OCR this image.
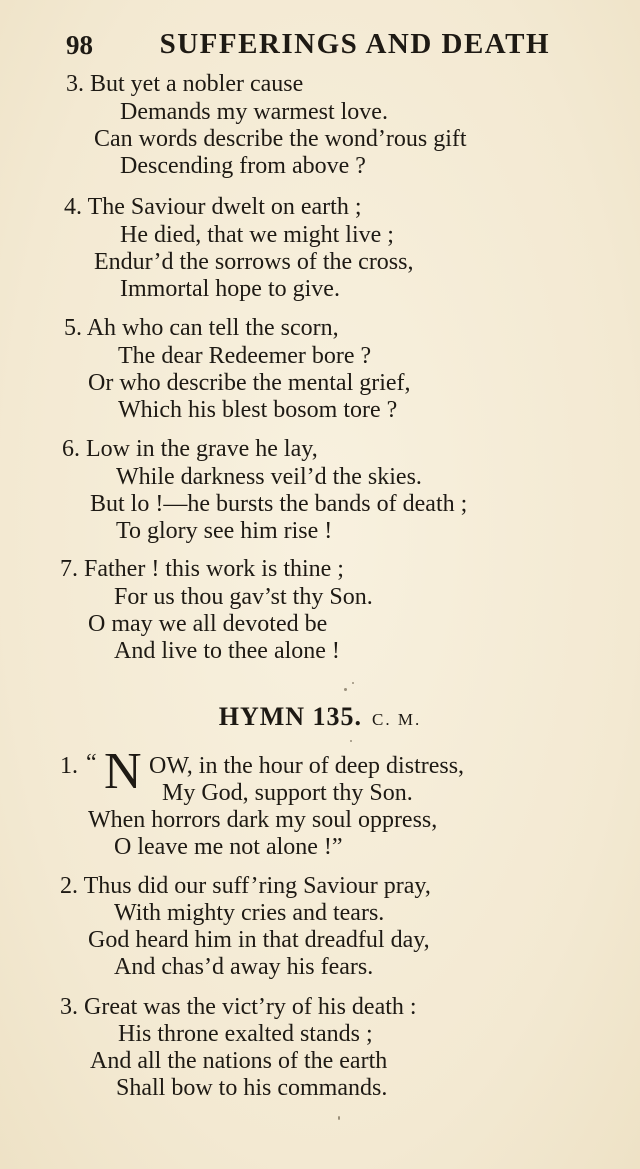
98 SUFFERINGS AND DEATH
3. But yet a nobler cause
Demands my warmest love.
Can words describe the wond’rous gift
Descending from above ?
4. The Saviour dwelt on earth ;
He died, that we might live ;
Endur’d the sorrows of the cross,
Immortal hope to give.
5. Ah who can tell the scorn,
The dear Redeemer bore ?
Or who describe the mental grief,
Which his blest bosom tore ?
6. Low in the grave he lay,
While darkness veil’d the skies.
But lo !—he bursts the bands of death ;
To glory see him rise !
7. Father ! this work is thine ;
For us thou gav’st thy Son.
O may we all devoted be
And live to thee alone !
HYMN 135. C. M.
1. “ N OW, in the hour of deep distress,
My God, support thy Son.
When horrors dark my soul oppress,
O leave me not alone !”
2. Thus did our suff’ring Saviour pray,
With mighty cries and tears.
God heard him in that dreadful day,
And chas’d away his fears.
3. Great was the vict’ry of his death :
His throne exalted stands ;
And all the nations of the earth
Shall bow to his commands.
